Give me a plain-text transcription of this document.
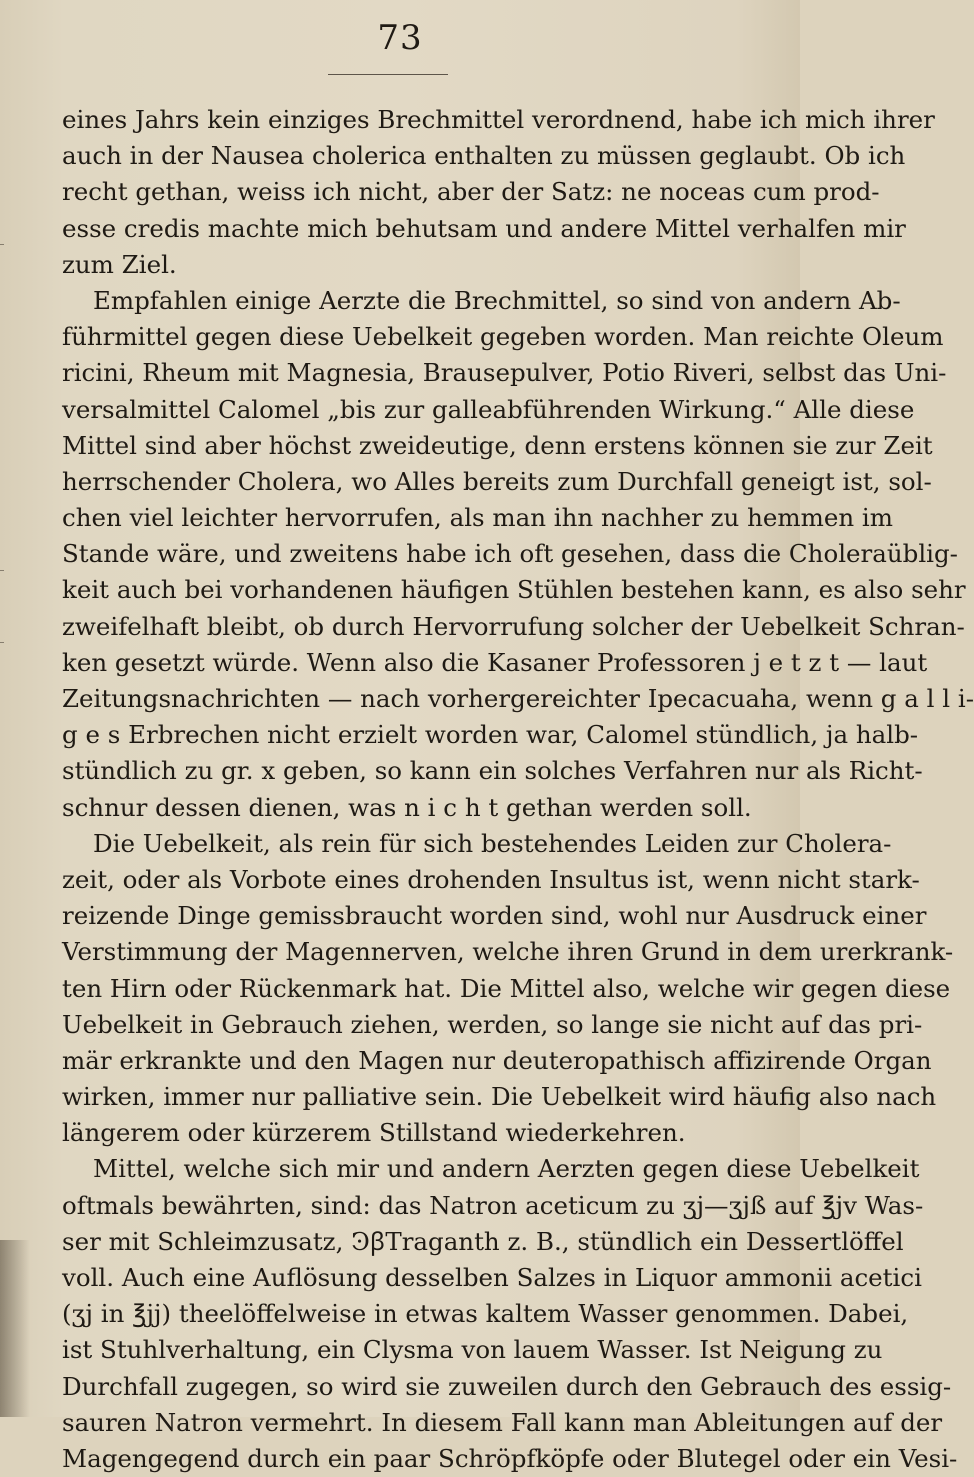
73
eines Jahrs kein einziges Brechmittel verordnend, habe ich mich ihrer
auch in der Nausea cholerica enthalten zu müssen geglaubt. Ob ich
recht gethan, weiss ich nicht, aber der Satz: ne noceas cum prod-
esse credis machte mich behutsam und andere Mittel verhalfen mir
zum Ziel.
Empfahlen einige Aerzte die Brechmittel, so sind von andern Ab-
führmittel gegen diese Uebelkeit gegeben worden. Man reichte Oleum
ricini, Rheum mit Magnesia, Brausepulver, Potio Riveri, selbst das Uni-
versalmittel Calomel „bis zur galleabführenden Wirkung.“ Alle diese
Mittel sind aber höchst zweideutige, denn erstens können sie zur Zeit
herrschender Cholera, wo Alles bereits zum Durchfall geneigt ist, sol-
chen viel leichter hervorrufen, als man ihn nachher zu hemmen im
Stande wäre, und zweitens habe ich oft gesehen, dass die Choleraüblig-
keit auch bei vorhandenen häufigen Stühlen bestehen kann, es also sehr
zweifelhaft bleibt, ob durch Hervorrufung solcher der Uebelkeit Schran-
ken gesetzt würde. Wenn also die Kasaner Professoren j e t z t — laut
Zeitungsnachrichten — nach vorhergereichter Ipecacuaha, wenn g a l l i-
g e s Erbrechen nicht erzielt worden war, Calomel stündlich, ja halb-
stündlich zu gr. x geben, so kann ein solches Verfahren nur als Richt-
schnur dessen dienen, was n i c h t gethan werden soll.
Die Uebelkeit, als rein für sich bestehendes Leiden zur Cholera-
zeit, oder als Vorbote eines drohenden Insultus ist, wenn nicht stark-
reizende Dinge gemissbraucht worden sind, wohl nur Ausdruck einer
Verstimmung der Magennerven, welche ihren Grund in dem urerkrank-
ten Hirn oder Rückenmark hat. Die Mittel also, welche wir gegen diese
Uebelkeit in Gebrauch ziehen, werden, so lange sie nicht auf das pri-
mär erkrankte und den Magen nur deuteropathisch affizirende Organ
wirken, immer nur palliative sein. Die Uebelkeit wird häufig also nach
längerem oder kürzerem Stillstand wiederkehren.
Mittel, welche sich mir und andern Aerzten gegen diese Uebelkeit
oftmals bewährten, sind: das Natron aceticum zu ʒj—ʒjß auf ℥jv Was-
ser mit Schleimzusatz, ϿꞵTraganth z. B., stündlich ein Dessertlöffel
voll. Auch eine Auflösung desselben Salzes in Liquor ammonii acetici
(ʒj in ℥jj) theelöffelweise in etwas kaltem Wasser genommen. Dabei,
ist Stuhlverhaltung, ein Clysma von lauem Wasser. Ist Neigung zu
Durchfall zugegen, so wird sie zuweilen durch den Gebrauch des essig-
sauren Natron vermehrt. In diesem Fall kann man Ableitungen auf der
Magengegend durch ein paar Schröpfköpfe oder Blutegel oder ein Vesi-
